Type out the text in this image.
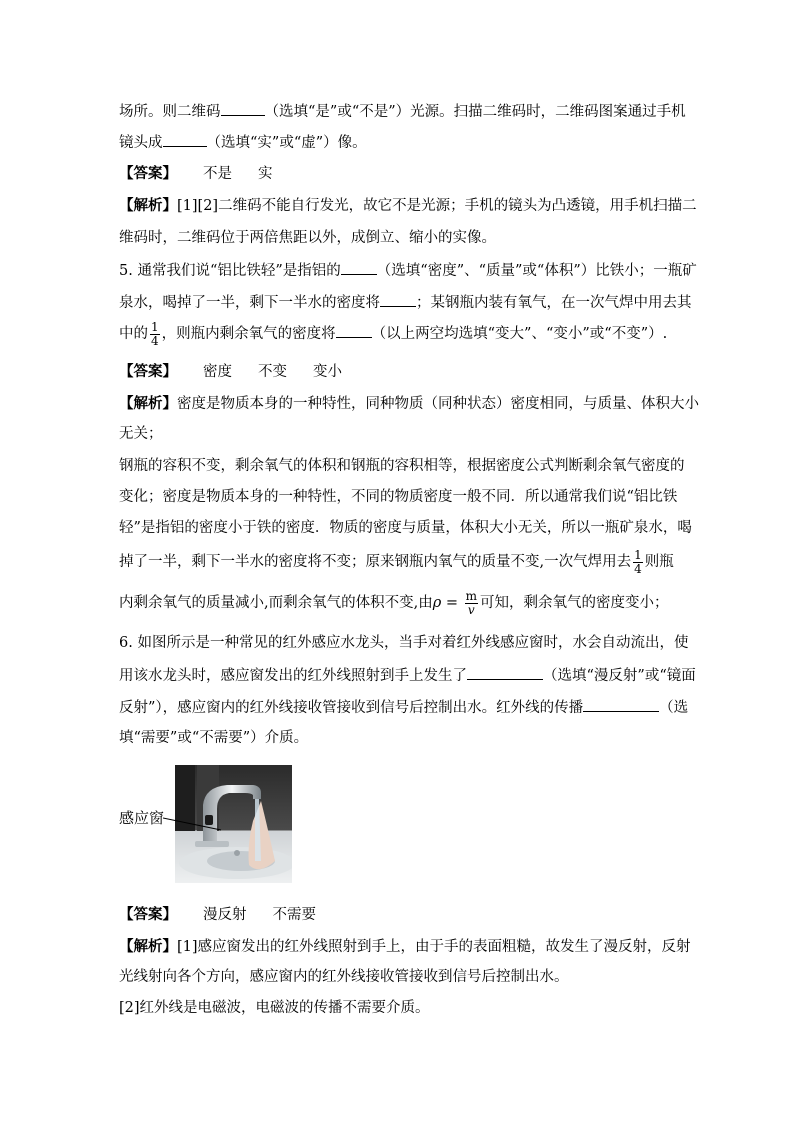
场所。则二维码	（选填“是”或“不是”）光源。扫描二维码时，二维码图案通过手机
镜头成	（选填“实”或“虚”）像。
【答案】 不是 实
【解析】[1][2]二维码不能自行发光，故它不是光源；手机的镜头为凸透镜，用手机扫描二
维码时，二维码位于两倍焦距以外，成倒立、缩小的实像。
5. 通常我们说“铝比铁轻”是指铝的 （选填“密度”、“质量”或“体积”）比铁小；一瓶矿
泉水，喝掉了一半，剩下一半水的密度将 ；某钢瓶内装有氧气，在一次气焊中用去其
中的 $\frac{1}{4}$ ，则瓶内剩余氧气的密度将 （以上两空均选填“变大”、“变小”或“不变”）.
【答案】 密度 不变 变小
【解析】密度是物质本身的一种特性，同种物质（同种状态）密度相同，与质量、体积大小
无关；
钢瓶的容积不变，剩余氧气的体积和钢瓶的容积相等，根据密度公式判断剩余氧气密度的
变化；密度是物质本身的一种特性，不同的物质密度一般不同．所以通常我们说“铝比铁
轻”是指铝的密度小于铁的密度．物质的密度与质量，体积大小无关，所以一瓶矿泉水，喝
掉了一半，剩下一半水的密度将不变；原来钢瓶内氧气的质量不变,一次气焊用去 $\frac{1}{4}$ 则瓶
内剩余氧气的质量减小,而剩余氧气的体积不变,由$\rho = \frac{m}{v}$ 可知，剩余氧气的密度变小；
6. 如图所示是一种常见的红外感应水龙头，当手对着红外线感应窗时，水会自动流出，使
用该水龙头时，感应窗发出的红外线照射到手上发生了	（选填“漫反射”或“镜面
反射”），感应窗内的红外线接收管接收到信号后控制出水。红外线的传播	（选
填“需要”或“不需要”）介质。
感应窗
【答案】 漫反射 不需要
【解析】[1]感应窗发出的红外线照射到手上，由于手的表面粗糙，故发生了漫反射，反射
光线射向各个方向，感应窗内的红外线接收管接收到信号后控制出水。
[2]红外线是电磁波，电磁波的传播不需要介质。
